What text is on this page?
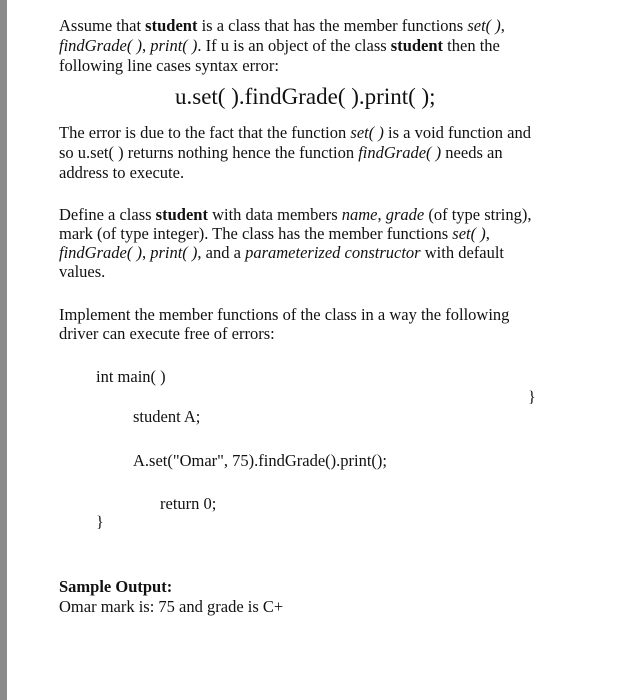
Assume that student is a class that has the member functions set( ),

findGrade( ), print( ). If u is an object of the class student then the

following line cases syntax error:

u.set( ).findGrade( ).print( );

The error is due to the fact that the function set( ) is a void function and

so u.set( ) returns nothing hence the function findGrade( ) needs an

address to execute.

Define a class student with data members name, grade (of type string),

mark (of type integer). The class has the member functions set( ),

findGrade( ), print( ), and a parameterized constructor with default

values.

Implement the member functions of the class in a way the following

driver can execute free of errors:

int main( )

}

student A;

A.set("Omar", 75).findGrade().print();

return 0;

}

Sample Output:

Omar mark is: 75 and grade is C+
